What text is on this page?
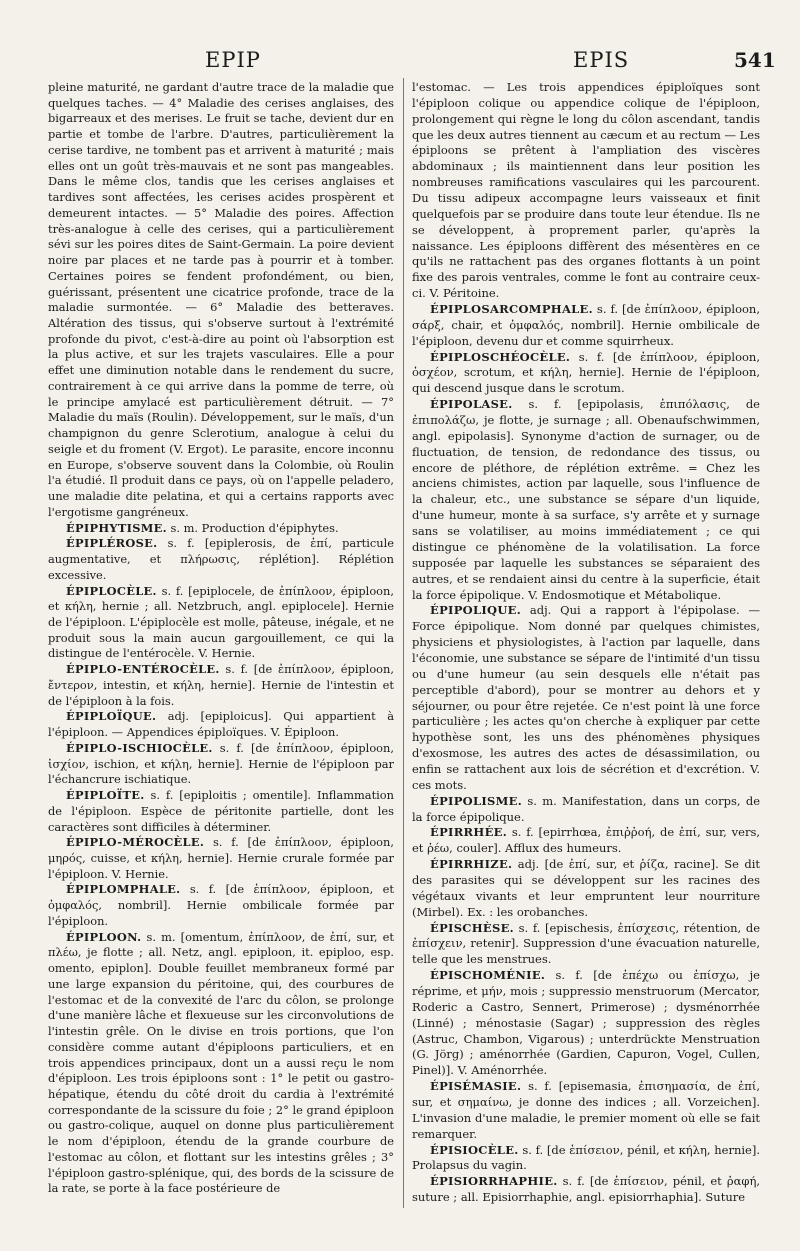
EPIP	EPIS	541

pleine maturité, ne gardant d'autre trace de la maladie que quelques taches. — 4° Maladie des cerises anglaises, des bigarreaux et des merises. Le fruit se tache, devient dur en partie et tombe de l'arbre. D'autres, particulièrement la cerise tardive, ne tombent pas et arrivent à maturité ; mais elles ont un goût très-mauvais et ne sont pas mangeables. Dans le même clos, tandis que les cerises anglaises et tardives sont affectées, les cerises acides prospèrent et demeurent intactes. — 5° Maladie des poires. Affection très-analogue à celle des cerises, qui a particulièrement sévi sur les poires dites de Saint-Germain. La poire devient noire par places et ne tarde pas à pourrir et à tomber. Certaines poires se fendent profondément, ou bien, guérissant, présentent une cicatrice profonde, trace de la maladie surmontée. — 6° Maladie des betteraves. Altération des tissus, qui s'observe surtout à l'extrémité profonde du pivot, c'est-à-dire au point où l'absorption est la plus active, et sur les trajets vasculaires. Elle a pour effet une diminution notable dans le rendement du sucre, contrairement à ce qui arrive dans la pomme de terre, où le principe amylacé est particulièrement détruit. — 7° Maladie du maïs (Roulin). Développement, sur le maïs, d'un champignon du genre Sclerotium, analogue à celui du seigle et du froment (V. Ergot). Le parasite, encore inconnu en Europe, s'observe souvent dans la Colombie, où Roulin l'a étudié. Il produit dans ce pays, où on l'appelle peladero, une maladie dite pelatina, et qui a certains rapports avec l'ergotisme gangréneux.

ÉPIPHYTISME. s. m. Production d'épiphytes.

ÉPIPLÉROSE. s. f. [epiplerosis, de ἐπί, particule augmentative, et πλήρωσις, réplétion]. Réplétion excessive.

ÉPIPLOCÈLE. s. f. [epiplocele, de ἐπίπλοον, épiploon, et κήλη, hernie ; all. Netzbruch, angl. epiplocele]. Hernie de l'épiploon. L'épiplocèle est molle, pâteuse, inégale, et ne produit sous la main aucun gargouillement, ce qui la distingue de l'entérocèle. V. Hernie.

ÉPIPLO-ENTÉROCÈLE. s. f. [de ἐπίπλοον, épiploon, ἔντερον, intestin, et κήλη, hernie]. Hernie de l'intestin et de l'épiploon à la fois.

ÉPIPLOÏQUE. adj. [epiploicus]. Qui appartient à l'épiploon. — Appendices épiploïques. V. Épiploon.

ÉPIPLO-ISCHIOCÈLE. s. f. [de ἐπίπλοον, épiploon, ἰσχίον, ischion, et κήλη, hernie]. Hernie de l'épiploon par l'échancrure ischiatique.

ÉPIPLOÏTE. s. f. [epiploitis ; omentile]. Inflammation de l'épiploon. Espèce de péritonite partielle, dont les caractères sont difficiles à déterminer.

ÉPIPLO-MÉROCÈLE. s. f. [de ἐπίπλοον, épiploon, μηρός, cuisse, et κήλη, hernie]. Hernie crurale formée par l'épiploon. V. Hernie.

ÉPIPLOMPHALE. s. f. [de ἐπίπλοον, épiploon, et ὀμφαλός, nombril]. Hernie ombilicale formée par l'épiploon.

ÉPIPLOON. s. m. [omentum, ἐπίπλοον, de ἐπί, sur, et πλέω, je flotte ; all. Netz, angl. epiploon, it. epiploo, esp. omento, epiplon]. Double feuillet membraneux formé par une large expansion du péritoine, qui, des courbures de l'estomac et de la convexité de l'arc du côlon, se prolonge d'une manière lâche et flexueuse sur les circonvolutions de l'intestin grêle. On le divise en trois portions, que l'on considère comme autant d'épiploons particuliers, et en trois appendices principaux, dont un a aussi reçu le nom d'épiploon. Les trois épiploons sont : 1° le petit ou gastro-hépatique, étendu du côté droit du cardia à l'extrémité correspondante de la scissure du foie ; 2° le grand épiploon ou gastro-colique, auquel on donne plus particulièrement le nom d'épiploon, étendu de la grande courbure de l'estomac au côlon, et flottant sur les intestins grêles ; 3° l'épiploon gastro-splénique, qui, des bords de la scissure de la rate, se porte à la face postérieure de

l'estomac. — Les trois appendices épiploïques sont l'épiploon colique ou appendice colique de l'épiploon, prolongement qui règne le long du côlon ascendant, tandis que les deux autres tiennent au cæcum et au rectum — Les épiploons se prêtent à l'ampliation des viscères abdominaux ; ils maintiennent dans leur position les nombreuses ramifications vasculaires qui les parcourent. Du tissu adipeux accompagne leurs vaisseaux et finit quelquefois par se produire dans toute leur étendue. Ils ne se développent, à proprement parler, qu'après la naissance. Les épiploons diffèrent des mésentères en ce qu'ils ne rattachent pas des organes flottants à un point fixe des parois ventrales, comme le font au contraire ceux-ci. V. Péritoine.

ÉPIPLOSARCOMPHALE. s. f. [de ἐπίπλοον, épiploon, σάρξ, chair, et ὀμφαλός, nombril]. Hernie ombilicale de l'épiploon, devenu dur et comme squirrheux.

ÉPIPLOSCHÉOCÈLE. s. f. [de ἐπίπλοον, épiploon, ὀσχέον, scrotum, et κήλη, hernie]. Hernie de l'épiploon, qui descend jusque dans le scrotum.

ÉPIPOLASE. s. f. [epipolasis, ἐπιπόλασις, de ἐπιπολάζω, je flotte, je surnage ; all. Obenaufschwimmen, angl. epipolasis]. Synonyme d'action de surnager, ou de fluctuation, de tension, de redondance des tissus, ou encore de pléthore, de réplétion extrême. = Chez les anciens chimistes, action par laquelle, sous l'influence de la chaleur, etc., une substance se sépare d'un liquide, d'une humeur, monte à sa surface, s'y arrête et y surnage sans se volatiliser, au moins immédiatement ; ce qui distingue ce phénomène de la volatilisation. La force supposée par laquelle les substances se séparaient des autres, et se rendaient ainsi du centre à la superficie, était la force épipolique. V. Endosmotique et Métabolique.

ÉPIPOLIQUE. adj. Qui a rapport à l'épipolase. — Force épipolique. Nom donné par quelques chimistes, physiciens et physiologistes, à l'action par laquelle, dans l'économie, une substance se sépare de l'intimité d'un tissu ou d'une humeur (au sein desquels elle n'était pas perceptible d'abord), pour se montrer au dehors et y séjourner, ou pour être rejetée. Ce n'est point là une force particulière ; les actes qu'on cherche à expliquer par cette hypothèse sont, les uns des phénomènes physiques d'exosmose, les autres des actes de désassimilation, ou enfin se rattachent aux lois de sécrétion et d'excrétion. V. ces mots.

ÉPIPOLISME. s. m. Manifestation, dans un corps, de la force épipolique.

ÉPIRRHÉE. s. f. [epirrhœa, ἐπιῤῥοή, de ἐπί, sur, vers, et ῥέω, couler]. Afflux des humeurs.

ÉPIRRHIZE. adj. [de ἐπί, sur, et ῥίζα, racine]. Se dit des parasites qui se développent sur les racines des végétaux vivants et leur empruntent leur nourriture (Mirbel). Ex. : les orobanches.

ÉPISCHÈSE. s. f. [epischesis, ἐπίσχεσις, rétention, de ἐπίσχειν, retenir]. Suppression d'une évacuation naturelle, telle que les menstrues.

ÉPISCHOMÉNIE. s. f. [de ἐπέχω ou ἐπίσχω, je réprime, et μήν, mois ; suppressio menstruorum (Mercator, Roderic a Castro, Sennert, Primerose) ; dysménorrhée (Linné) ; ménostasie (Sagar) ; suppression des règles (Astruc, Chambon, Vigarous) ; unterdrückte Menstruation (G. Jörg) ; aménorrhée (Gardien, Capuron, Vogel, Cullen, Pinel)]. V. Aménorrhée.

ÉPISÉMASIE. s. f. [episemasia, ἐπισημασία, de ἐπί, sur, et σημαίνω, je donne des indices ; all. Vorzeichen]. L'invasion d'une maladie, le premier moment où elle se fait remarquer.

ÉPISIOCÈLE. s. f. [de ἐπίσειον, pénil, et κήλη, hernie]. Prolapsus du vagin.

ÉPISIORRHAPHIE. s. f. [de ἐπίσειον, pénil, et ῥαφή, suture ; all. Episiorrhaphie, angl. episiorrhaphia]. Suture
